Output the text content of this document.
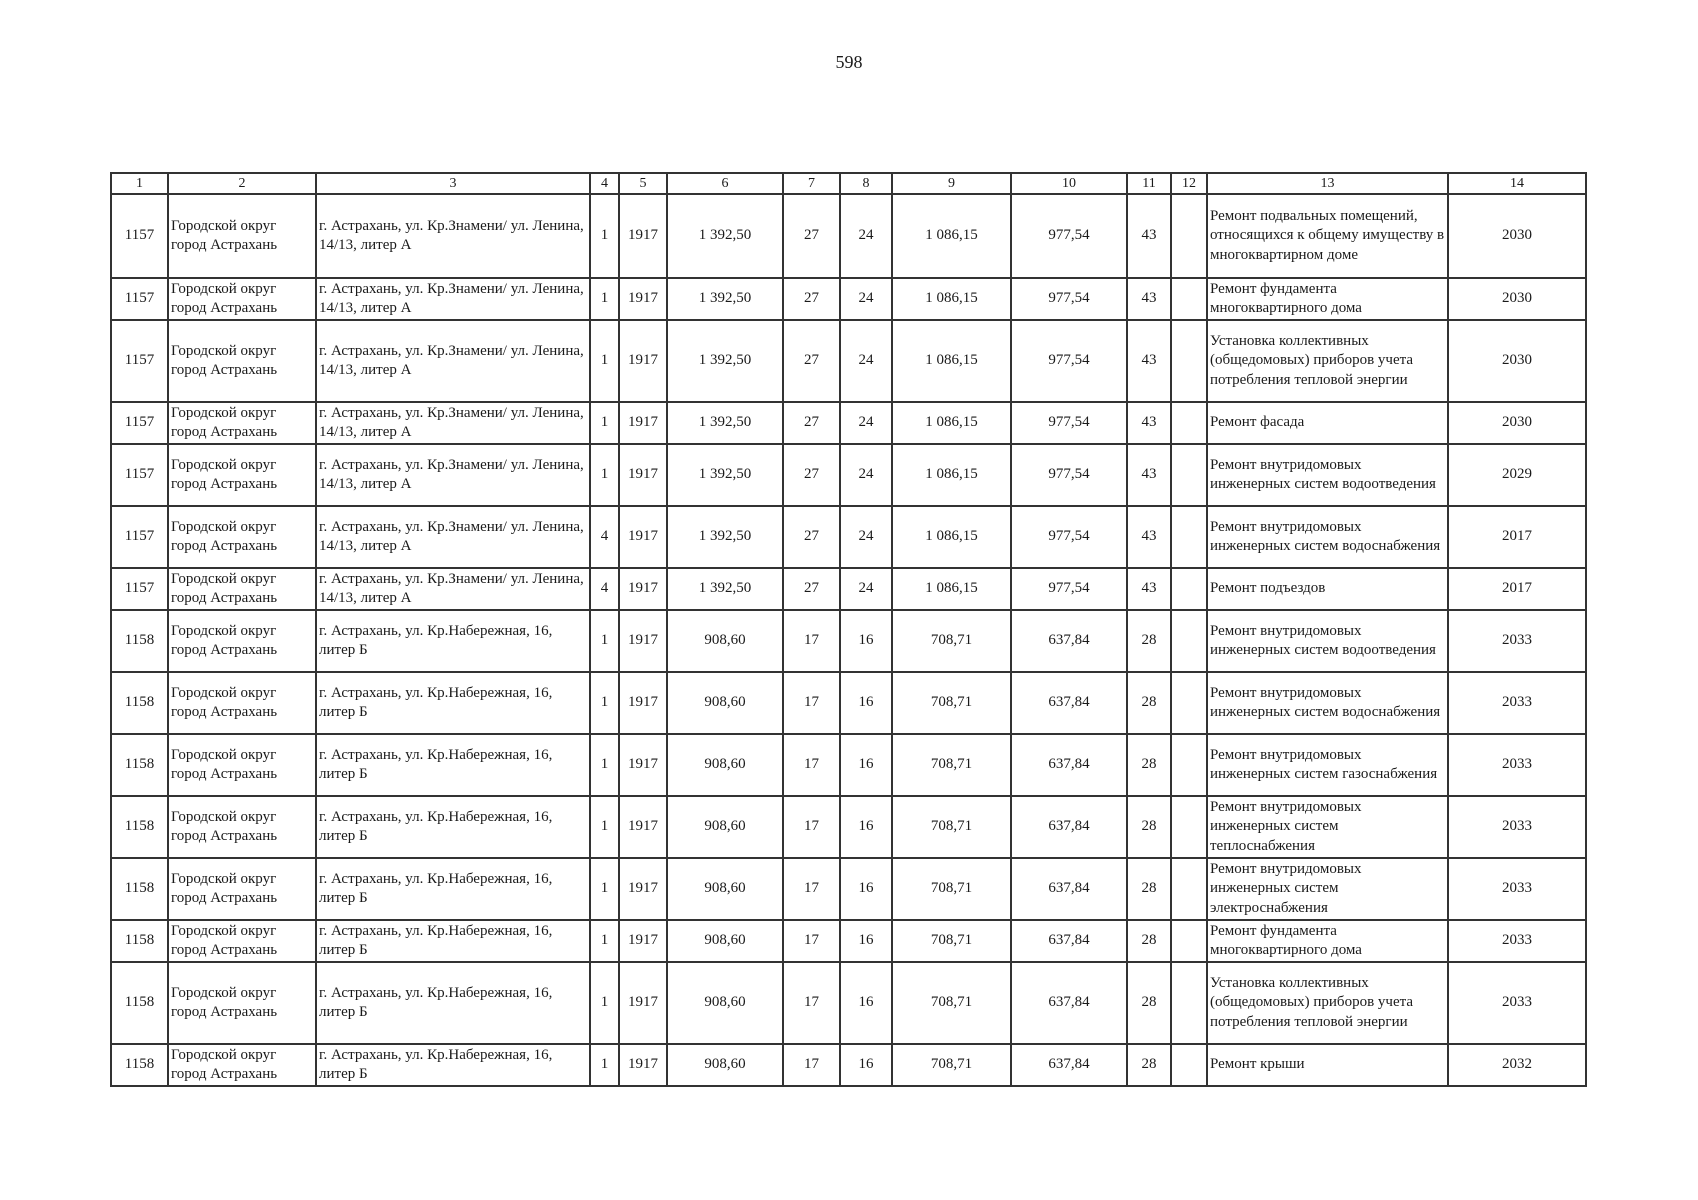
598
1	2	3	4	5	6	7	8	9	10	11	12	13	14
1157	Городской округ город Астрахань	г. Астрахань, ул. Кр.Знамени/ ул. Ленина, 14/13, литер А	1	1917	1 392,50	27	24	1 086,15	977,54	43		Ремонт подвальных помещений, относящихся к общему имуществу в многоквартирном доме	2030
1157	Городской округ город Астрахань	г. Астрахань, ул. Кр.Знамени/ ул. Ленина, 14/13, литер А	1	1917	1 392,50	27	24	1 086,15	977,54	43		Ремонт фундамента многоквартирного дома	2030
1157	Городской округ город Астрахань	г. Астрахань, ул. Кр.Знамени/ ул. Ленина, 14/13, литер А	1	1917	1 392,50	27	24	1 086,15	977,54	43		Установка коллективных (общедомовых) приборов учета потребления тепловой энергии	2030
1157	Городской округ город Астрахань	г. Астрахань, ул. Кр.Знамени/ ул. Ленина, 14/13, литер А	1	1917	1 392,50	27	24	1 086,15	977,54	43		Ремонт фасада	2030
1157	Городской округ город Астрахань	г. Астрахань, ул. Кр.Знамени/ ул. Ленина, 14/13, литер А	1	1917	1 392,50	27	24	1 086,15	977,54	43		Ремонт внутридомовых инженерных систем водоотведения	2029
1157	Городской округ город Астрахань	г. Астрахань, ул. Кр.Знамени/ ул. Ленина, 14/13, литер А	4	1917	1 392,50	27	24	1 086,15	977,54	43		Ремонт внутридомовых инженерных систем водоснабжения	2017
1157	Городской округ город Астрахань	г. Астрахань, ул. Кр.Знамени/ ул. Ленина, 14/13, литер А	4	1917	1 392,50	27	24	1 086,15	977,54	43		Ремонт подъездов	2017
1158	Городской округ город Астрахань	г. Астрахань, ул. Кр.Набережная, 16, литер Б	1	1917	908,60	17	16	708,71	637,84	28		Ремонт внутридомовых инженерных систем водоотведения	2033
1158	Городской округ город Астрахань	г. Астрахань, ул. Кр.Набережная, 16, литер Б	1	1917	908,60	17	16	708,71	637,84	28		Ремонт внутридомовых инженерных систем водоснабжения	2033
1158	Городской округ город Астрахань	г. Астрахань, ул. Кр.Набережная, 16, литер Б	1	1917	908,60	17	16	708,71	637,84	28		Ремонт внутридомовых инженерных систем газоснабжения	2033
1158	Городской округ город Астрахань	г. Астрахань, ул. Кр.Набережная, 16, литер Б	1	1917	908,60	17	16	708,71	637,84	28		Ремонт внутридомовых инженерных систем теплоснабжения	2033
1158	Городской округ город Астрахань	г. Астрахань, ул. Кр.Набережная, 16, литер Б	1	1917	908,60	17	16	708,71	637,84	28		Ремонт внутридомовых инженерных систем электроснабжения	2033
1158	Городской округ город Астрахань	г. Астрахань, ул. Кр.Набережная, 16, литер Б	1	1917	908,60	17	16	708,71	637,84	28		Ремонт фундамента многоквартирного дома	2033
1158	Городской округ город Астрахань	г. Астрахань, ул. Кр.Набережная, 16, литер Б	1	1917	908,60	17	16	708,71	637,84	28		Установка коллективных (общедомовых) приборов учета потребления тепловой энергии	2033
1158	Городской округ город Астрахань	г. Астрахань, ул. Кр.Набережная, 16, литер Б	1	1917	908,60	17	16	708,71	637,84	28		Ремонт крыши	2032
